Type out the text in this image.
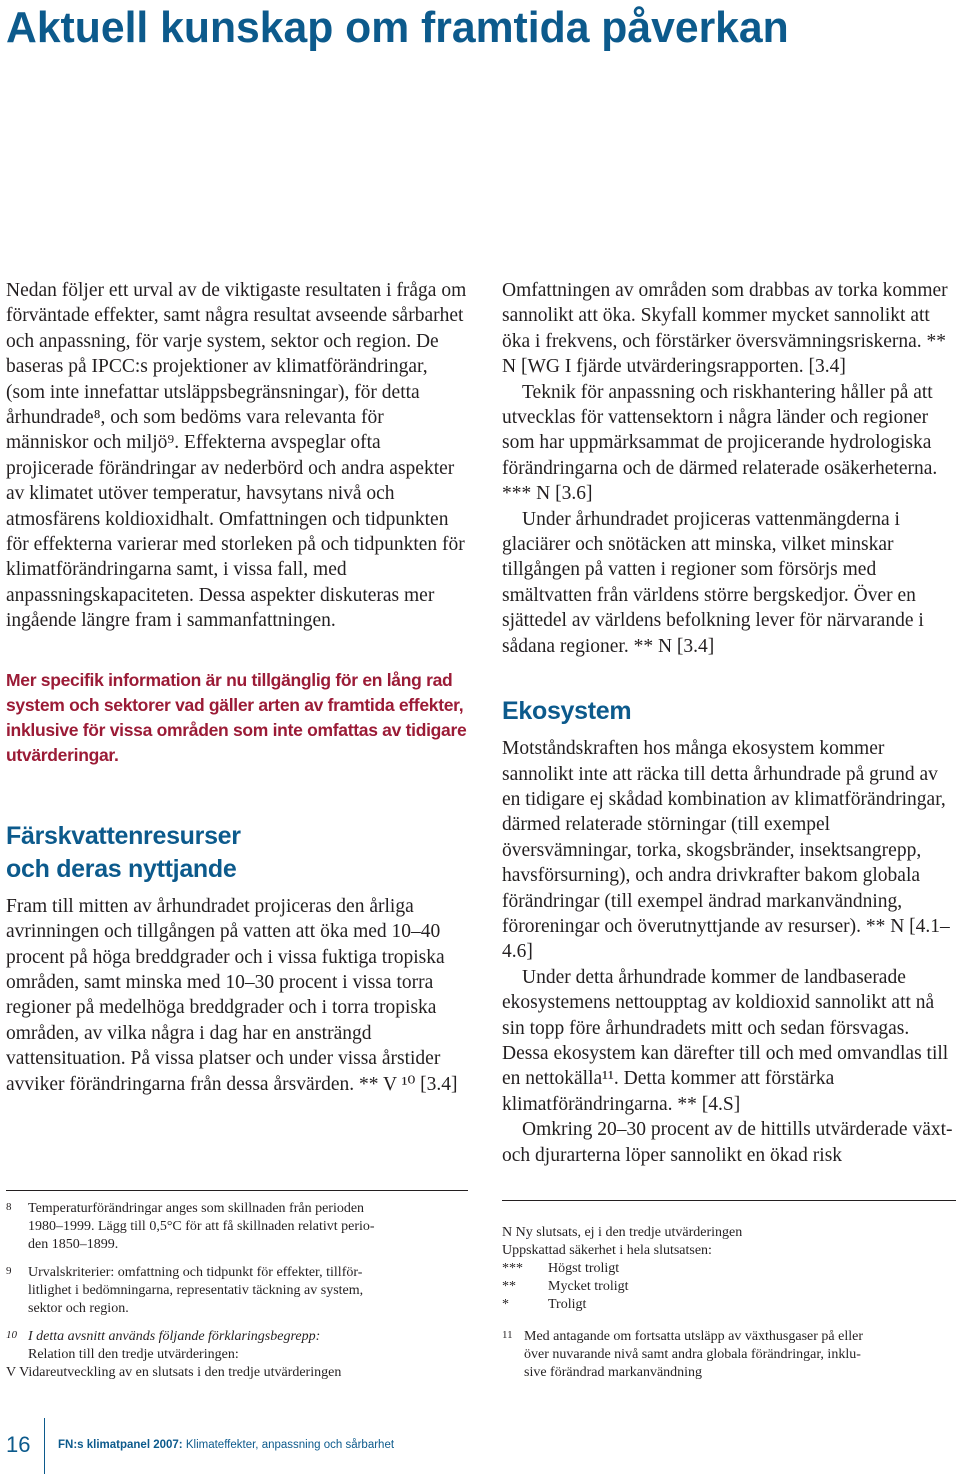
Aktuell kunskap om framtida påverkan

Nedan följer ett urval av de viktigaste resultaten i fråga om förväntade effekter, samt några resultat avseende sårbarhet och anpassning, för varje system, sektor och region. De baseras på IPCC:s projektioner av klimatförändringar, (som inte innefattar utsläppsbegränsningar), för detta århundrade⁸, och som bedöms vara relevanta för människor och miljö⁹. Effekterna avspeglar ofta projicerade förändringar av nederbörd och andra aspekter av klimatet utöver temperatur, havsytans nivå och atmosfärens koldioxidhalt. Omfattningen och tidpunkten för effekterna varierar med storleken på och tidpunkten för klimatförändringarna samt, i vissa fall, med anpassningskapaciteten. Dessa aspekter diskuteras mer ingående längre fram i sammanfattningen.

Mer specifik information är nu tillgänglig för en lång rad system och sektorer vad gäller arten av framtida effekter, inklusive för vissa områden som inte omfattas av tidigare utvärderingar.

Färskvattenresurser
och deras nyttjande

Fram till mitten av århundradet projiceras den årliga avrinningen och tillgången på vatten att öka med 10–40 procent på höga breddgrader och i vissa fuktiga tropiska områden, samt minska med 10–30 procent i vissa torra regioner på medelhöga breddgrader och i torra tropiska områden, av vilka några i dag har en ansträngd vattensituation. På vissa platser och under vissa årstider avviker förändringarna från dessa årsvärden. ** V ¹⁰ [3.4]

Omfattningen av områden som drabbas av torka kommer sannolikt att öka. Skyfall kommer mycket sannolikt att öka i frekvens, och förstärker översvämningsriskerna. ** N [WG I fjärde utvärderingsrapporten. [3.4]

Teknik för anpassning och riskhantering håller på att utvecklas för vattensektorn i några länder och regioner som har uppmärksammat de projicerande hydrologiska förändringarna och de därmed relaterade osäkerheterna. *** N [3.6]

Under århundradet projiceras vattenmängderna i glaciärer och snötäcken att minska, vilket minskar tillgången på vatten i regioner som försörjs med smältvatten från världens större bergskedjor. Över en sjättedel av världens befolkning lever för närvarande i sådana regioner. ** N [3.4]

Ekosystem

Motståndskraften hos många ekosystem kommer sannolikt inte att räcka till detta århundrade på grund av en tidigare ej skådad kombination av klimatförändringar, därmed relaterade störningar (till exempel översvämningar, torka, skogsbränder, insektsangrepp, havsförsurning), och andra drivkrafter bakom globala förändringar (till exempel ändrad markanvändning, föroreningar och överutnyttjande av resurser). ** N [4.1–4.6]

Under detta århundrade kommer de landbaserade ekosystemens nettoupptag av koldioxid sannolikt att nå sin topp före århundradets mitt och sedan försvagas. Dessa ekosystem kan därefter till och med omvandlas till en nettokälla¹¹. Detta kommer att förstärka klimatförändringarna. ** [4.S]

Omkring 20–30 procent av de hittills utvärderade växt- och djurarterna löper sannolikt en ökad risk

8 Temperaturförändringar anges som skillnaden från perioden

1980–1999. Lägg till 0,5°C för att få skillnaden relativt perio-

den 1850–1899.

9 Urvalskriterier: omfattning och tidpunkt för effekter, tillför-

litlighet i bedömningarna, representativ täckning av system,

sektor och region.

10 I detta avsnitt används följande förklaringsbegrepp:

Relation till den tredje utvärderingen:

V Vidareutveckling av en slutsats i den tredje utvärderingen

N Ny slutsats, ej i den tredje utvärderingen

Uppskattad säkerhet i hela slutsatsen:

***	Högst troligt
**	Mycket troligt
*	Troligt
11 Med antagande om fortsatta utsläpp av växthusgaser på eller

över nuvarande nivå samt andra globala förändringar, inklu-

sive förändrad markanvändning

16 FN:s klimatpanel 2007: Klimateffekter, anpassning och sårbarhet
